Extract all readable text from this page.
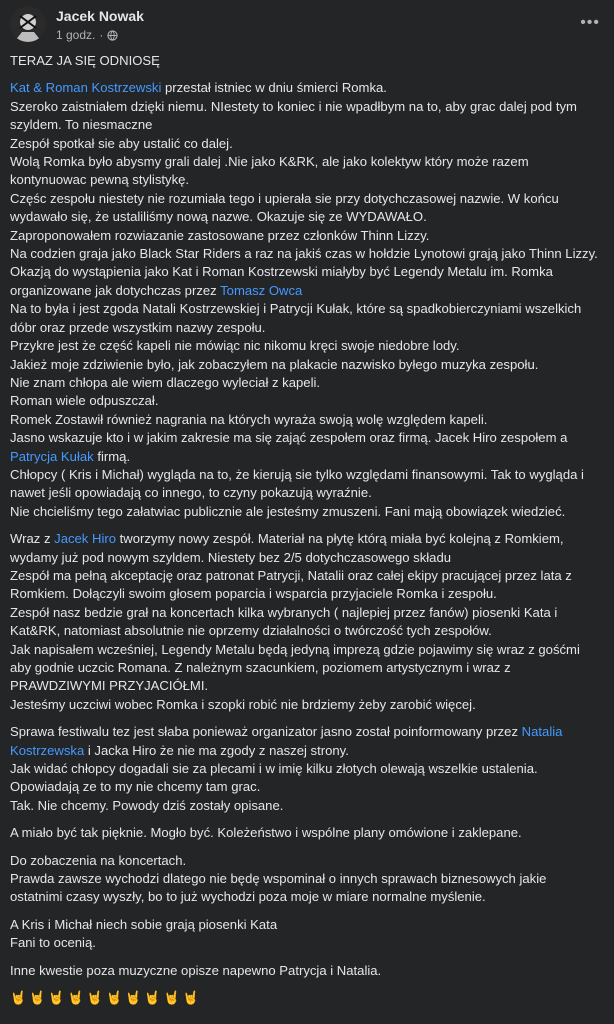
Jacek Nowak
1 godz. ·
•••

TERAZ JA SIĘ ODNIOSĘ

Kat & Roman Kostrzewski przestał istniec w dniu śmierci Romka.
Szeroko zaistniałem dzięki niemu. NIestety to koniec i nie wpadłbym na to, aby grac dalej pod tym szyldem. To niesmaczne
Zespół spotkał sie aby ustalić co dalej.
Wolą Romka było abysmy grali dalej .Nie jako K&RK, ale jako kolektyw który może razem kontynuowac pewną stylistykę.
Częśc zespołu niestety nie rozumiała tego i upierała sie przy dotychczasowej nazwie. W końcu wydawało się, że ustaliliśmy nową nazwe. Okazuje się ze WYDAWAŁO.
Zaproponowałem rozwiazanie zastosowane przez członków Thinn Lizzy.
Na codzien graja jako Black Star Riders a raz na jakiś czas w hołdzie Lynotowi grają jako Thinn Lizzy.
Okazją do wystąpienia jako Kat i Roman Kostrzewski miałyby być Legendy Metalu im. Romka organizowane jak dotychczas przez Tomasz Owca
Na to była i jest zgoda Natali Kostrzewskiej i Patrycji Kułak, które są spadkobierczyniami wszelkich dóbr oraz przede wszystkim nazwy zespołu.
Przykre jest że część kapeli nie mówiąc nic nikomu kręci swoje niedobre lody.
Jakież moje zdziwienie było, jak zobaczyłem na plakacie nazwisko byłego muzyka zespołu.
Nie znam chłopa ale wiem dlaczego wyleciał z kapeli.
Roman wiele odpuszczał.
Romek Zostawił również nagrania na których wyraża swoją wolę względem kapeli.
Jasno wskazuje kto i w jakim zakresie ma się zająć zespołem oraz firmą. Jacek Hiro zespołem a Patrycja Kułak firmą.
Chłopcy ( Kris i Michał) wygląda na to, że kierują sie tylko względami finansowymi. Tak to wygląda i nawet jeśli opowiadają co innego, to czyny pokazują wyraźnie.
Nie chcieliśmy tego załatwiac publicznie ale jesteśmy zmuszeni. Fani mają obowiązek wiedzieć.

Wraz z Jacek Hiro tworzymy nowy zespół. Materiał na płytę którą miała być kolejną z Romkiem, wydamy już pod nowym szyldem. Niestety bez 2/5 dotychczasowego składu
Zespół ma pełną akceptację oraz patronat Patrycji, Natalii oraz całej ekipy pracującej przez lata z Romkiem. Dołączyli swoim głosem poparcia i wsparcia przyjaciele Romka i zespołu.
Zespół nasz bedzie grał na koncertach kilka wybranych ( najlepiej przez fanów) piosenki Kata i Kat&RK, natomiast absolutnie nie oprzemy działalności o twórczość tych zespołów.
Jak napisałem wcześniej, Legendy Metalu będą jedyną imprezą gdzie pojawimy się wraz z gośćmi aby godnie uczcic Romana. Z należnym szacunkiem, poziomem artystycznym i wraz z PRAWDZIWYMI PRZYJACIÓŁMI.
Jesteśmy uczciwi wobec Romka i szopki robić nie brdziemy żeby zarobić więcej.

Sprawa festiwalu tez jest słaba ponieważ organizator jasno został poinformowany przez Natalia Kostrzewska i Jacka Hiro że nie ma zgody z naszej strony.
Jak widać chłopcy dogadali sie za plecami i w imię kilku złotych olewają wszelkie ustalenia.
Opowiadają ze to my nie chcemy tam grac.
Tak. Nie chcemy. Powody dziś zostały opisane.

A miało być tak pięknie. Mogło być. Koleżeństwo i wspólne plany omówione i zaklepane.

Do zobaczenia na koncertach.
Prawda zawsze wychodzi dlatego nie będę wspominał o innych sprawach biznesowych jakie ostatnimi czasy wyszły, bo to już wychodzi poza moje w miare normalne myślenie.

A Kris i Michał niech sobie grają piosenki Kata
Fani to ocenią.

Inne kwestie poza muzyczne opisze napewno Patrycja i Natalia.

🤘 🤘 🤘 🤘 🤘 🤘 🤘 🤘 🤘 🤘
